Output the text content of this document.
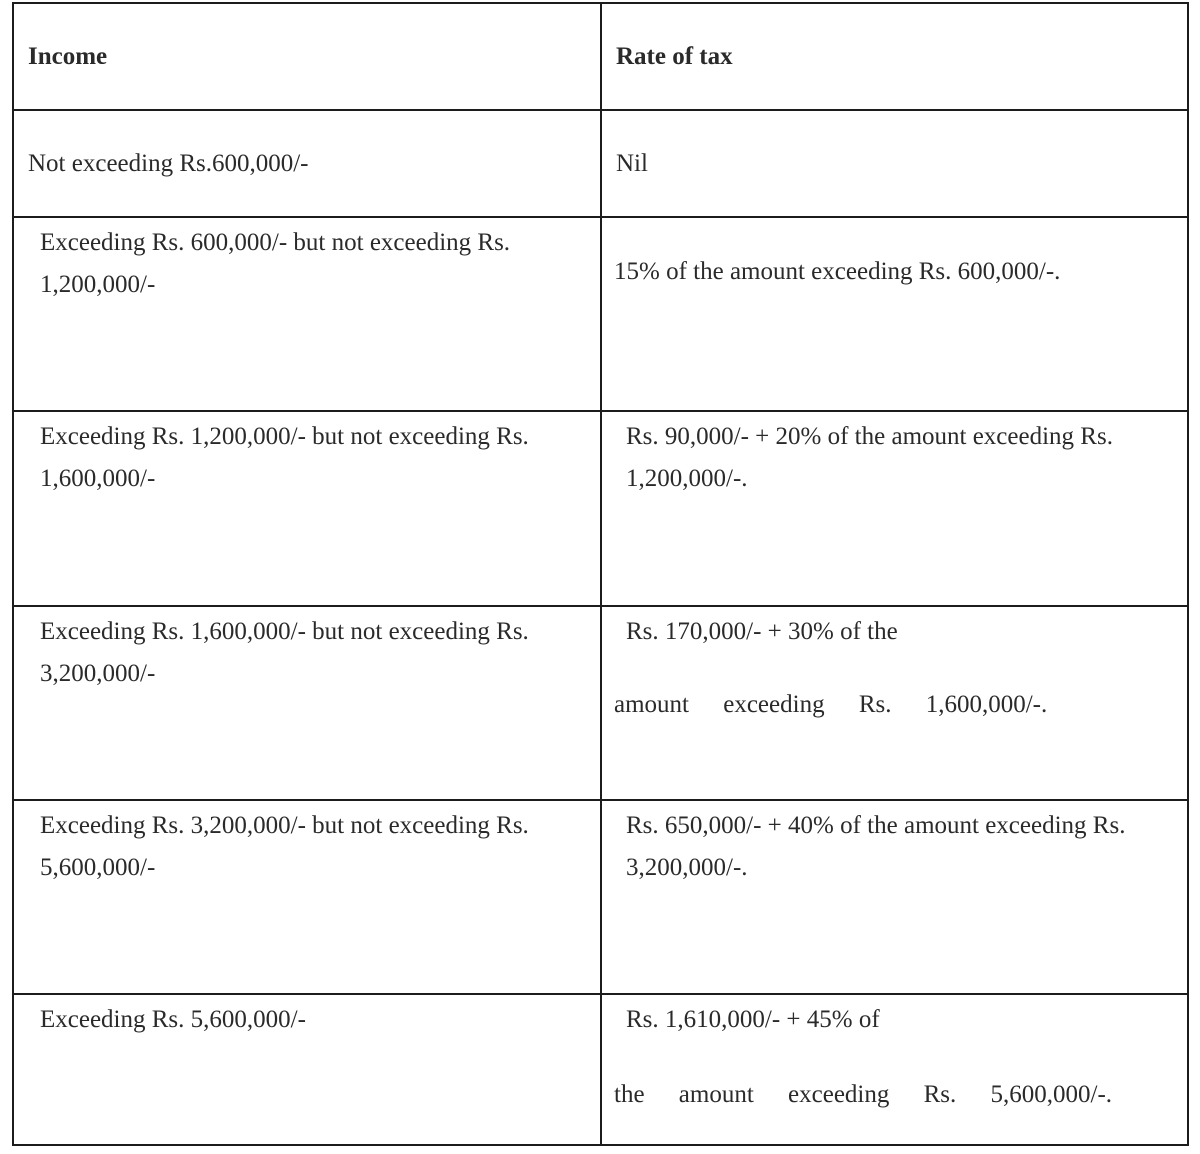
Income	Rate of tax
Not exceeding Rs.600,000/-	Nil

Exceeding Rs. 600,000/- but not exceeding Rs. 1,200,000/-	15% of the amount exceeding Rs. 600,000/-.

Exceeding Rs. 1,200,000/- but not exceeding Rs. 1,600,000/-	Rs. 90,000/- + 20% of the amount exceeding Rs. 1,200,000/-.

Exceeding Rs. 1,600,000/- but not exceeding Rs. 3,200,000/-	Rs. 170,000/- + 30% of the
amount exceeding Rs. 1,600,000/-.

Exceeding Rs. 3,200,000/- but not exceeding Rs. 5,600,000/-	Rs. 650,000/- + 40% of the amount exceeding Rs. 3,200,000/-.

Exceeding Rs. 5,600,000/-	Rs. 1,610,000/- + 45% of
the amount exceeding Rs. 5,600,000/-.
